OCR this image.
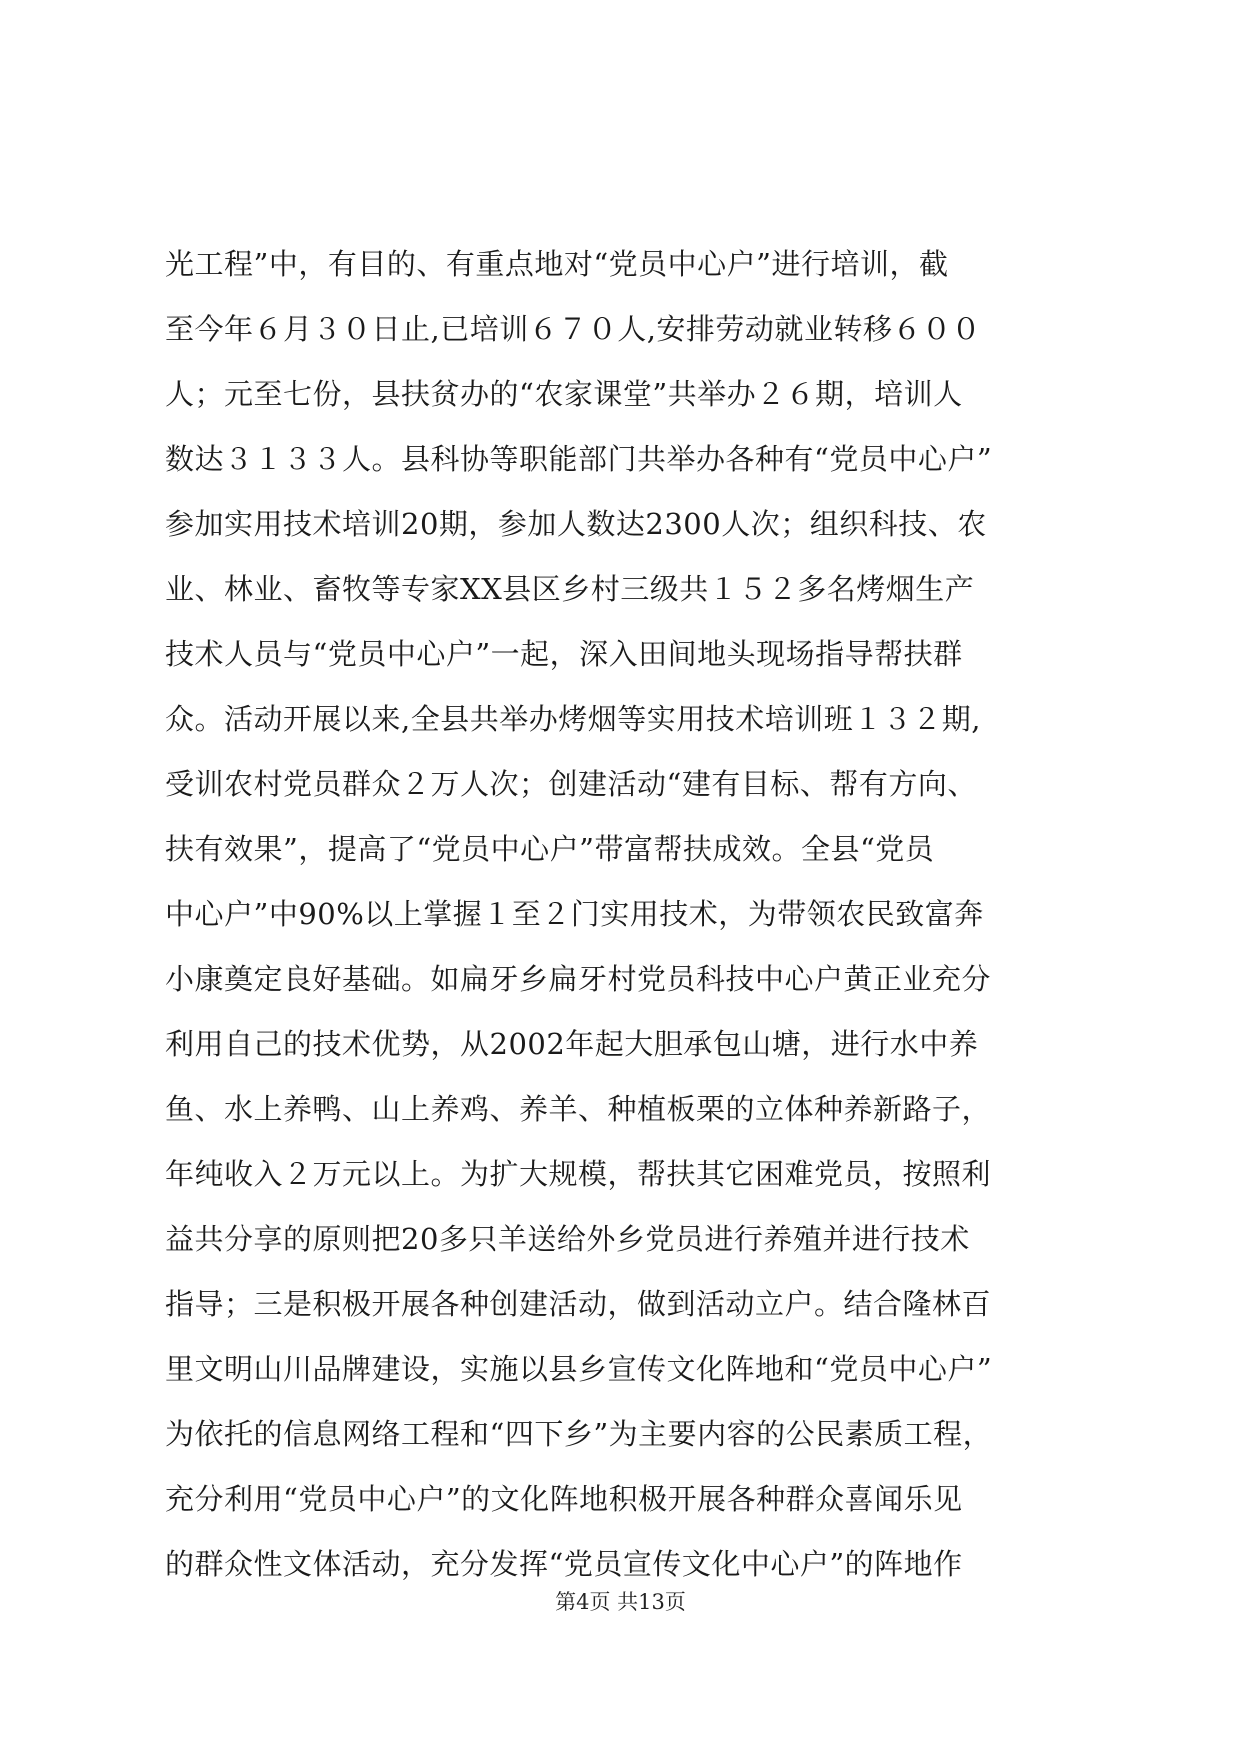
光工程”中，有目的、有重点地对“党员中心户”进行培训，截
至今年６月３０日止,已培训６７０人,安排劳动就业转移６００
人；元至七份，县扶贫办的“农家课堂”共举办２６期，培训人
数达３１３３人。县科协等职能部门共举办各种有“党员中心户”
参加实用技术培训20期，参加人数达2300人次；组织科技、农
业、林业、畜牧等专家XX县区乡村三级共１５２多名烤烟生产
技术人员与“党员中心户”一起，深入田间地头现场指导帮扶群
众。活动开展以来,全县共举办烤烟等实用技术培训班１３２期,
受训农村党员群众２万人次；创建活动“建有目标、帮有方向、
扶有效果”，提高了“党员中心户”带富帮扶成效。全县“党员
中心户”中90%以上掌握１至２门实用技术，为带领农民致富奔
小康奠定良好基础。如扁牙乡扁牙村党员科技中心户黄正业充分
利用自己的技术优势，从2002年起大胆承包山塘，进行水中养
鱼、水上养鸭、山上养鸡、养羊、种植板栗的立体种养新路子，
年纯收入２万元以上。为扩大规模，帮扶其它困难党员，按照利
益共分享的原则把20多只羊送给外乡党员进行养殖并进行技术
指导；三是积极开展各种创建活动，做到活动立户。结合隆林百
里文明山川品牌建设，实施以县乡宣传文化阵地和“党员中心户”
为依托的信息网络工程和“四下乡”为主要内容的公民素质工程，
充分利用“党员中心户”的文化阵地积极开展各种群众喜闻乐见
的群众性文体活动，充分发挥“党员宣传文化中心户”的阵地作
第4页 共13页
